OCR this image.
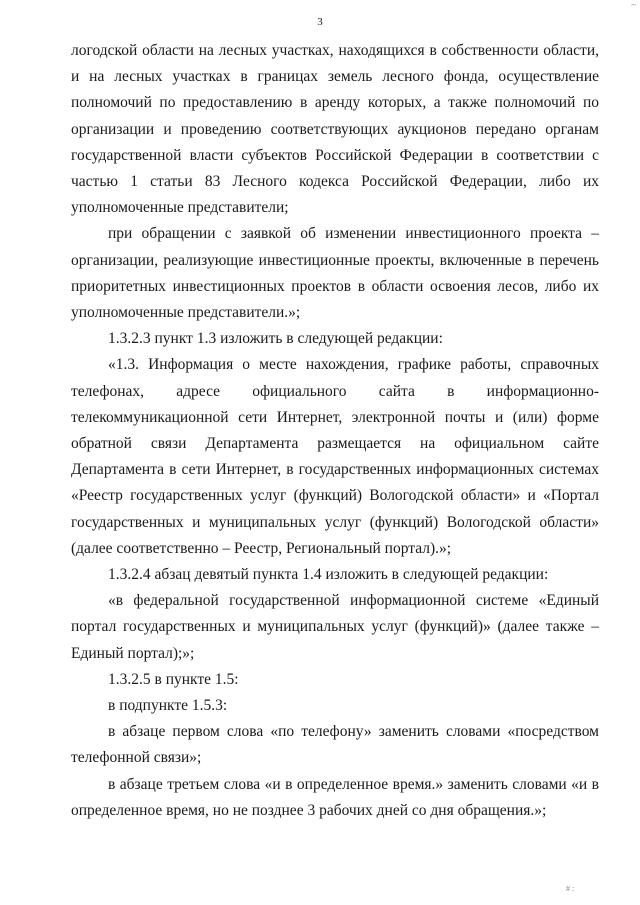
~
3

логодской области на лесных участках, находящихся в собственности области, и на лесных участках в границах земель лесного фонда, осуществление полномочий по предоставлению в аренду которых, а также полномочий по организации и проведению соответствующих аукционов передано органам государственной власти субъектов Российской Федерации в соответствии с частью 1 статьи 83 Лесного кодекса Российской Федерации, либо их уполномоченные представители;

при обращении с заявкой об изменении инвестиционного проекта – организации, реализующие инвестиционные проекты, включенные в перечень приоритетных инвестиционных проектов в области освоения лесов, либо их уполномоченные представители.»;

1.3.2.3 пункт 1.3 изложить в следующей редакции:

«1.3. Информация о месте нахождения, графике работы, справочных телефонах, адресе официального сайта в информационно-телекоммуникационной сети Интернет, электронной почты и (или) форме обратной связи Департамента размещается на официальном сайте Департамента в сети Интернет, в государственных информационных системах «Реестр государственных услуг (функций) Вологодской области» и «Портал государственных и муниципальных услуг (функций) Вологодской области» (далее соответственно – Реестр, Региональный портал).»;

1.3.2.4 абзац девятый пункта 1.4 изложить в следующей редакции:

«в федеральной государственной информационной системе «Единый портал государственных и муниципальных услуг (функций)» (далее также – Единый портал);»;

1.3.2.5 в пункте 1.5:

в подпункте 1.5.3:

в абзаце первом слова «по телефону» заменить словами «посредством телефонной связи»;

в абзаце третьем слова «и в определенное время.» заменить словами «и в определенное время, но не позднее 3 рабочих дней со дня обращения.»;

# :
